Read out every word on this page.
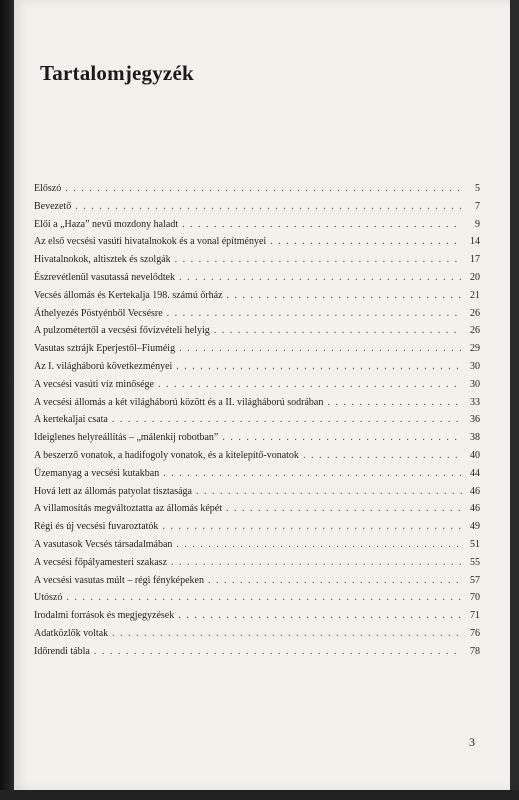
Tartalomjegyzék
Előszó . . .	5
Bevezető . . .	7
Előí a „Haza” nevű mozdony haladt . . .	9
Az első vecsési vasúti hivatalnokok és a vonal építményei . . .	14
Hivatalnokok, altisztek és szolgák . . .	17
Észrevétlenül vasutassá nevelődtek . . .	20
Vecsés állomás és Kertekalja 198. számú őrház . . .	21
Áthelyezés Pöstyénből Vecsésre . . .	26
A pulzométertől a vecsési fővízvételi helyig . . .	26
Vasutas sztrájk Eperjestől–Fiuméig . . .	29
Az I. világháború következményei . . .	30
A vecsési vasúti víz minősége . . .	30
A vecsési állomás a két világháború között és a II. világháború sodrában . . .	33
A kertekaljai csata . . .	36
Ideiglenes helyreállítás – „málenkij robotban” . . .	38
A beszerző vonatok, a hadifogoly vonatok, és a kitelepítő-vonatok . . .	40
Üzemanyag a vecsési kutakban . . .	44
Hová lett az állomás patyolat tisztasága . . .	46
A villamosítás megváltoztatta az állomás képét . . .	46
Régi és új vecsési fuvaroztatók . . .	49
A vasutasok Vecsés társadalmában . . .	51
A vecsési főpályamesteri szakasz . . .	55
A vecsési vasutas múlt – régi fényképeken . . .	57
Utószó . . .	70
Irodalmi források és megjegyzések . . .	71
Adatközlők voltak . . .	76
Időrendi tábla . . .	78
3
